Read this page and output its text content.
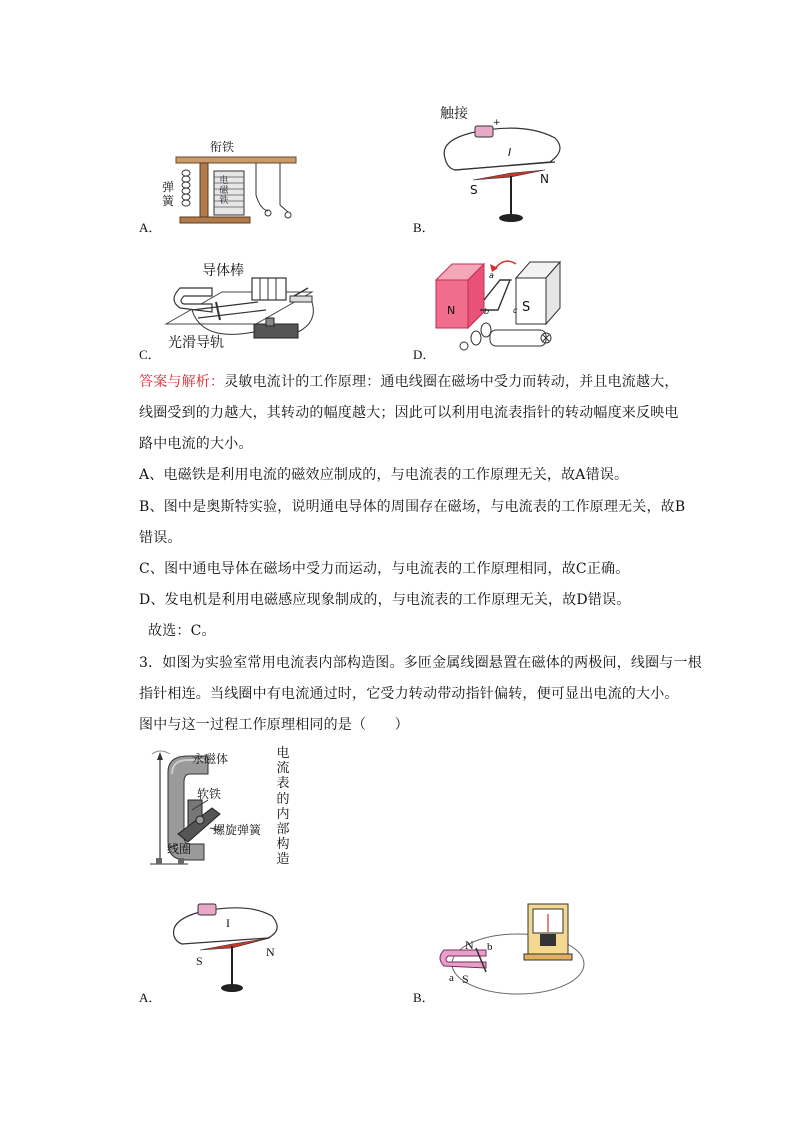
衔铁
弹簧
电磁铁
A．
触接
+
I
S
N
B．
导体棒
光滑导轨
C．
N	S
a
b	c
D．
答案与解析：灵敏电流计的工作原理：通电线圈在磁场中受力而转动，并且电流越大，
线圈受到的力越大，其转动的幅度越大；因此可以利用电流表指针的转动幅度来反映电
路中电流的大小。
A、电磁铁是利用电流的磁效应制成的，与电流表的工作原理无关，故A错误。
B、图中是奥斯特实验，说明通电导体的周围存在磁场，与电流表的工作原理无关，故B
错误。
C、图中通电导体在磁场中受力而运动，与电流表的工作原理相同，故C正确。
D、发电机是利用电磁感应现象制成的，与电流表的工作原理无关，故D错误。
故选：C。
3．如图为实验室常用电流表内部构造图。多匝金属线圈悬置在磁体的两极间，线圈与一根
指针相连。当线圈中有电流通过时，它受力转动带动指针偏转，便可显出电流的大小。
图中与这一过程工作原理相同的是（　　）
永磁体
软铁
螺旋弹簧
线圈
电流表的内部构造
I
S
N
A．
N b
S
a
B．
